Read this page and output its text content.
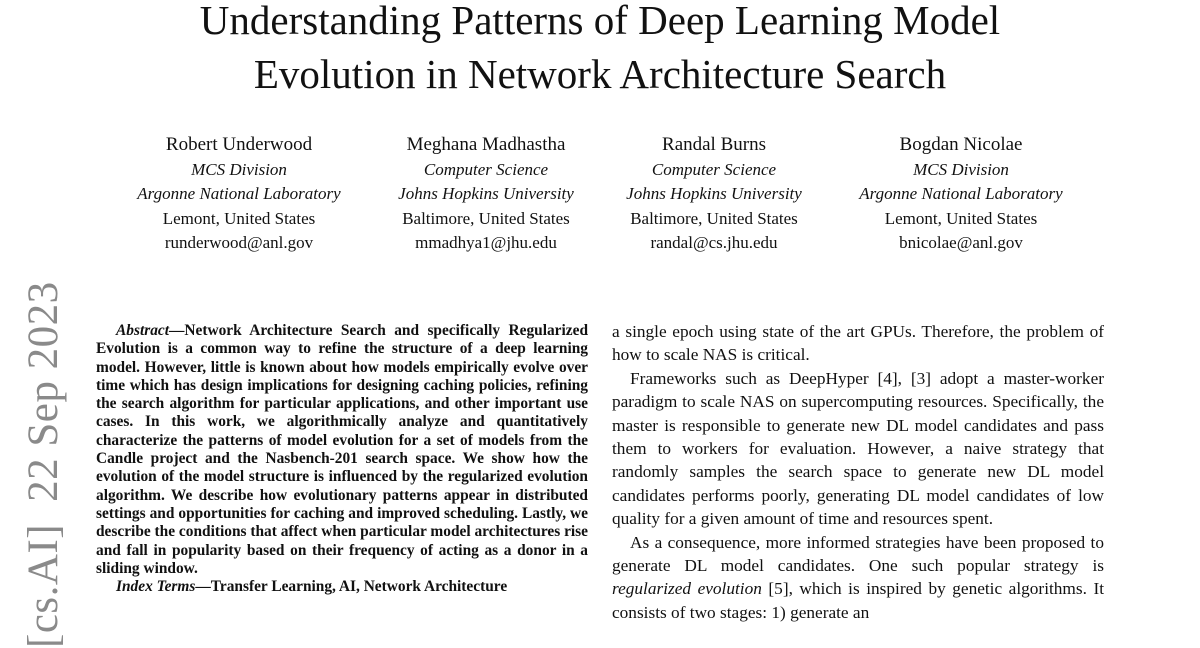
Understanding Patterns of Deep Learning Model
Evolution in Network Architecture Search
Robert Underwood
MCS Division
Argonne National Laboratory
Lemont, United States
runderwood@anl.gov
Meghana Madhastha
Computer Science
Johns Hopkins University
Baltimore, United States
mmadhya1@jhu.edu
Randal Burns
Computer Science
Johns Hopkins University
Baltimore, United States
randal@cs.jhu.edu
Bogdan Nicolae
MCS Division
Argonne National Laboratory
Lemont, United States
bnicolae@anl.gov
[cs.AI]22 Sep 2023	Abstract—Network Architecture Search and specifically Regularized Evolution is a common way to refine the structure of a deep learning model. However, little is known about how models empirically evolve over time which has design implications for designing caching policies, refining the search algorithm for particular applications, and other important use cases. In this work, we algorithmically analyze and quantitatively characterize the patterns of model evolution for a set of models from the Candle project and the Nasbench-201 search space. We show how the evolution of the model structure is influenced by the regularized evolution algorithm. We describe how evolutionary patterns appear in distributed settings and opportunities for caching and improved scheduling. Lastly, we describe the conditions that affect when particular model architectures rise and fall in popularity based on their frequency of acting as a donor in a sliding window.

Index Terms—Transfer Learning, AI, Network Architecture

a single epoch using state of the art GPUs. Therefore, the problem of how to scale NAS is critical.

Frameworks such as DeepHyper [4], [3] adopt a master-worker paradigm to scale NAS on supercomputing resources. Specifically, the master is responsible to generate new DL model candidates and pass them to workers for evaluation. However, a naive strategy that randomly samples the search space to generate new DL model candidates performs poorly, generating DL model candidates of low quality for a given amount of time and resources spent.

As a consequence, more informed strategies have been proposed to generate DL model candidates. One such popular strategy is regularized evolution [5], which is inspired by genetic algorithms. It consists of two stages: 1) generate an
